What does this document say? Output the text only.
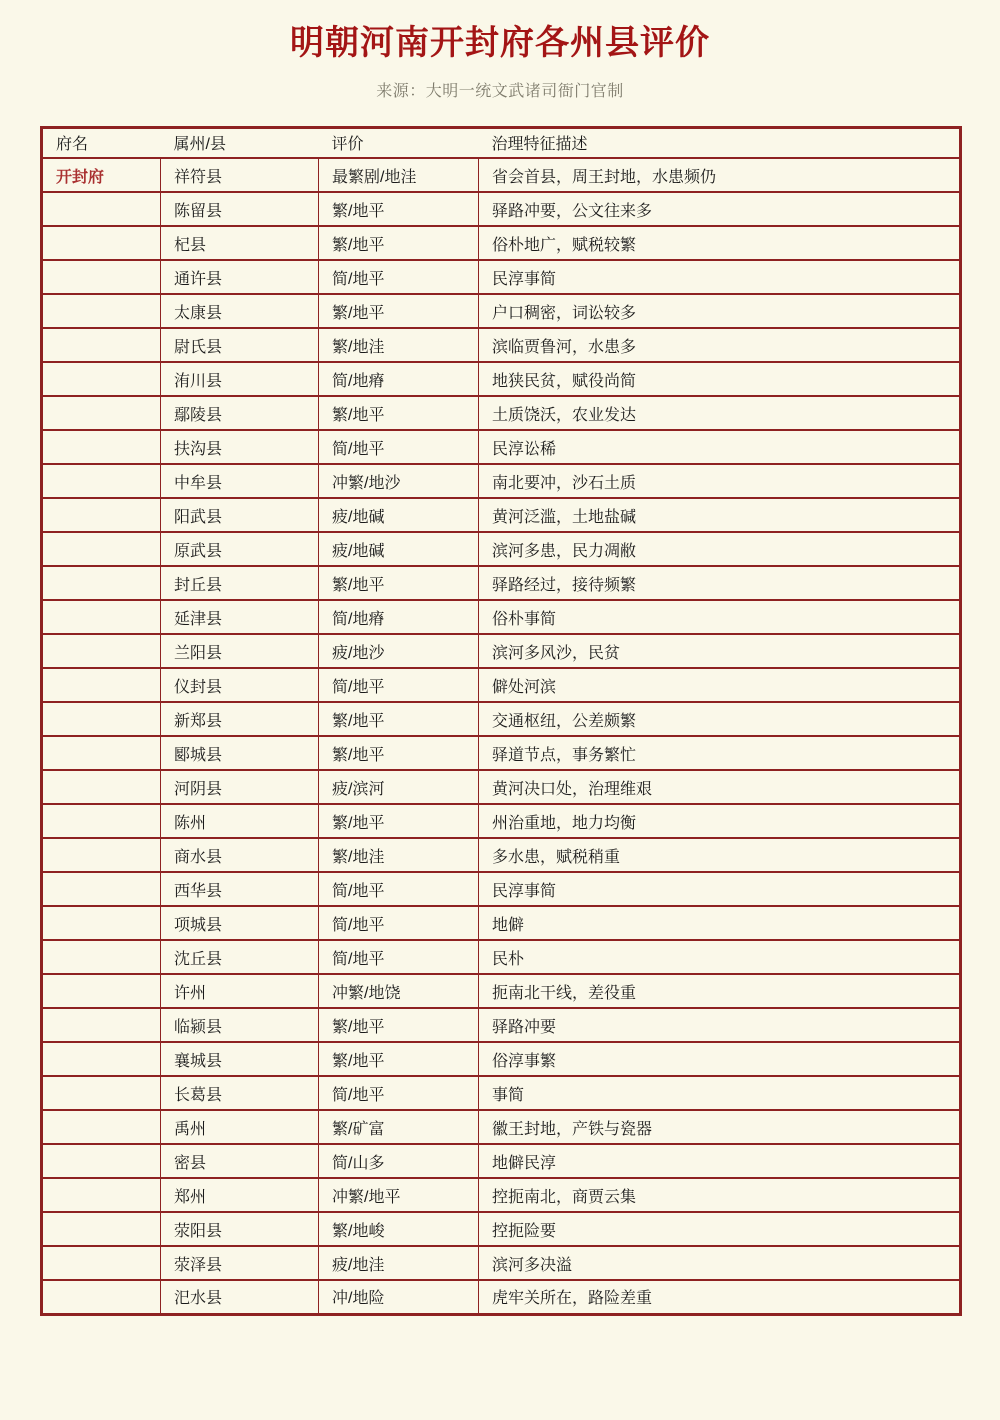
明朝河南开封府各州县评价
来源：大明一统文武诸司衙门官制
府名	属州/县	评价	治理特征描述
开封府	祥符县	最繁剧/地洼	省会首县，周王封地，水患频仍
	陈留县	繁/地平	驿路冲要，公文往来多
	杞县	繁/地平	俗朴地广，赋税较繁
	通许县	简/地平	民淳事简
	太康县	繁/地平	户口稠密，词讼较多
	尉氏县	繁/地洼	滨临贾鲁河，水患多
	洧川县	简/地瘠	地狭民贫，赋役尚简
	鄢陵县	繁/地平	土质饶沃，农业发达
	扶沟县	简/地平	民淳讼稀
	中牟县	冲繁/地沙	南北要冲，沙石土质
	阳武县	疲/地碱	黄河泛滥，土地盐碱
	原武县	疲/地碱	滨河多患，民力凋敝
	封丘县	繁/地平	驿路经过，接待频繁
	延津县	简/地瘠	俗朴事简
	兰阳县	疲/地沙	滨河多风沙，民贫
	仪封县	简/地平	僻处河滨
	新郑县	繁/地平	交通枢纽，公差颇繁
	郾城县	繁/地平	驿道节点，事务繁忙
	河阴县	疲/滨河	黄河决口处，治理维艰
	陈州	繁/地平	州治重地，地力均衡
	商水县	繁/地洼	多水患，赋税稍重
	西华县	简/地平	民淳事简
	项城县	简/地平	地僻
	沈丘县	简/地平	民朴
	许州	冲繁/地饶	扼南北干线，差役重
	临颍县	繁/地平	驿路冲要
	襄城县	繁/地平	俗淳事繁
	长葛县	简/地平	事简
	禹州	繁/矿富	徽王封地，产铁与瓷器
	密县	简/山多	地僻民淳
	郑州	冲繁/地平	控扼南北，商贾云集
	荥阳县	繁/地峻	控扼险要
	荥泽县	疲/地洼	滨河多决溢
	汜水县	冲/地险	虎牢关所在，路险差重
